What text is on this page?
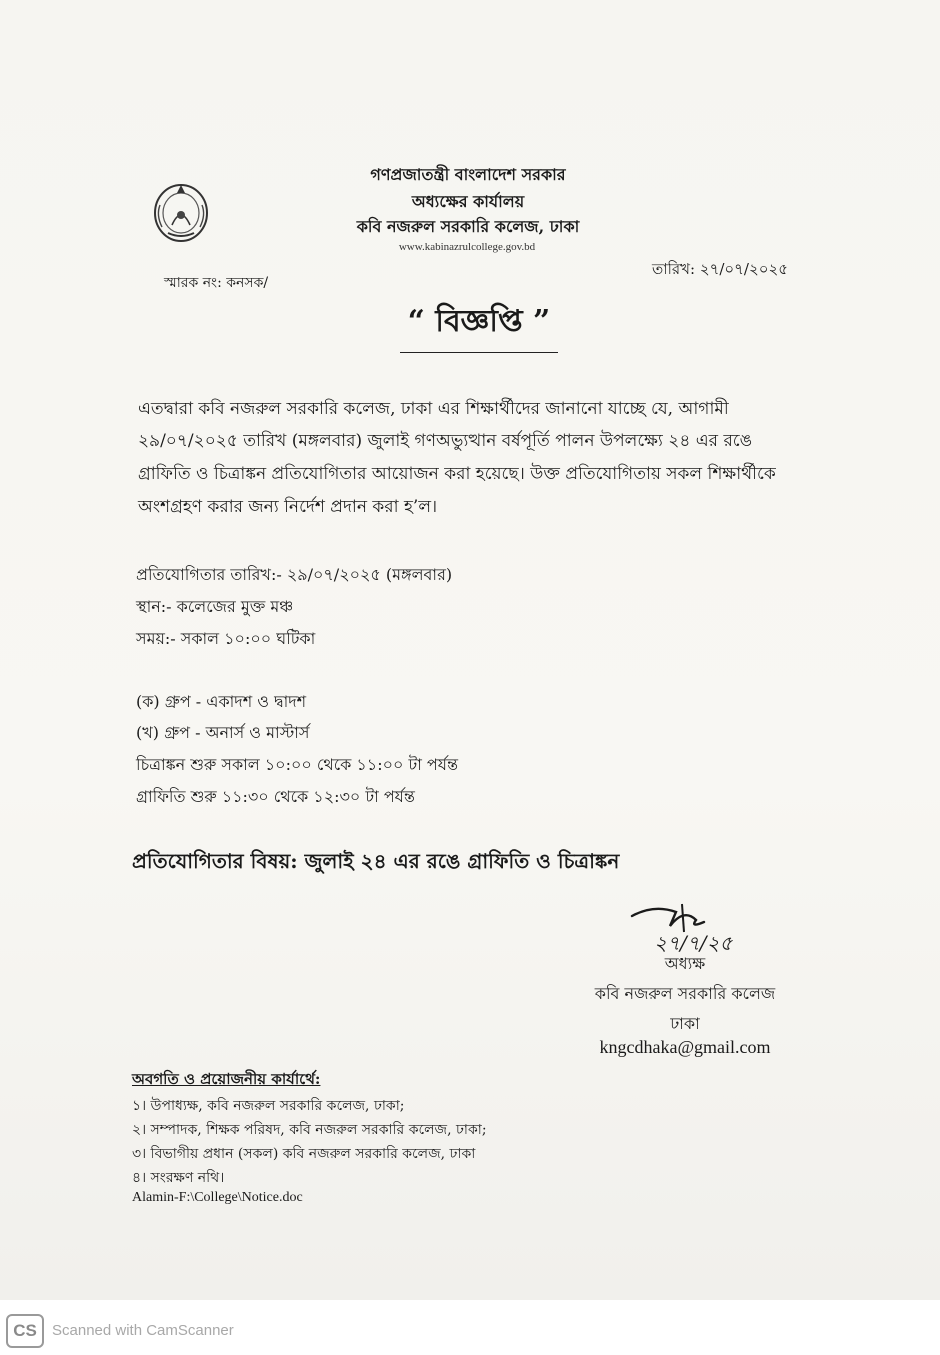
গণপ্রজাতন্ত্রী বাংলাদেশ সরকার
অধ্যক্ষের কার্যালয়
কবি নজরুল সরকারি কলেজ, ঢাকা
www.kabinazrulcollege.gov.bd
স্মারক নং: কনসক/
তারিখ: ২৭/০৭/২০২৫
“ বিজ্ঞপ্তি ”
এতদ্বারা কবি নজরুল সরকারি কলেজ, ঢাকা এর শিক্ষার্থীদের জানানো যাচ্ছে যে, আগামী
২৯/০৭/২০২৫ তারিখ (মঙ্গলবার) জুলাই গণঅভ্যুত্থান বর্ষপূর্তি পালন উপলক্ষ্যে ২৪ এর রঙে
গ্রাফিতি ও চিত্রাঙ্কন প্রতিযোগিতার আয়োজন করা হয়েছে। উক্ত প্রতিযোগিতায় সকল শিক্ষার্থীকে
অংশগ্রহণ করার জন্য নির্দেশ প্রদান করা হ’ল।
প্রতিযোগিতার তারিখ:- ২৯/০৭/২০২৫ (মঙ্গলবার)
স্থান:- কলেজের মুক্ত মঞ্চ
সময়:- সকাল ১০:০০ ঘটিকা
(ক) গ্রুপ - একাদশ ও দ্বাদশ
(খ) গ্রুপ - অনার্স ও মাস্টার্স
চিত্রাঙ্কন শুরু সকাল ১০:০০ থেকে ১১:০০ টা পর্যন্ত
গ্রাফিতি শুরু ১১:৩০ থেকে ১২:৩০ টা পর্যন্ত
প্রতিযোগিতার বিষয়: জুলাই ২৪ এর রঙে গ্রাফিতি ও চিত্রাঙ্কন
২৭/৭/২৫
অধ্যক্ষ
কবি নজরুল সরকারি কলেজ
ঢাকা
kngcdhaka@gmail.com
অবগতি ও প্রয়োজনীয় কার্যার্থে:
১। উপাধ্যক্ষ, কবি নজরুল সরকারি কলেজ, ঢাকা;
২। সম্পাদক, শিক্ষক পরিষদ, কবি নজরুল সরকারি কলেজ, ঢাকা;
৩। বিভাগীয় প্রধান (সকল) কবি নজরুল সরকারি কলেজ, ঢাকা
৪। সংরক্ষণ নথি।
Alamin-F:\College\Notice.doc
CS	Scanned with CamScanner
